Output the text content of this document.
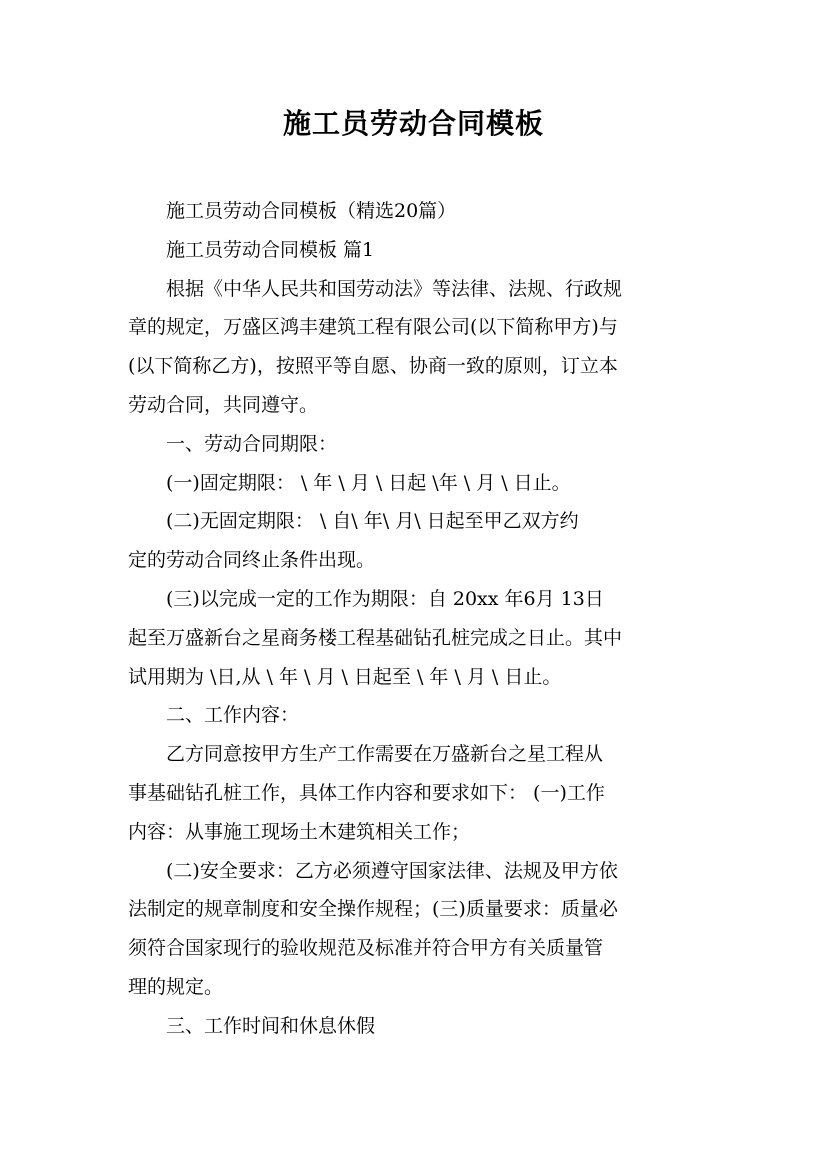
施工员劳动合同模板

施工员劳动合同模板（精选20篇）

施工员劳动合同模板 篇1

根据《中华人民共和国劳动法》等法律、法规、行政规
章的规定，万盛区鸿丰建筑工程有限公司(以下简称甲方)与
(以下简称乙方)，按照平等自愿、协商一致的原则，订立本
劳动合同，共同遵守。

一、劳动合同期限：

(一)固定期限： \ 年 \ 月 \ 日起 \年 \ 月 \ 日止。

(二)无固定期限： \ 自\ 年\ 月\ 日起至甲乙双方约
定的劳动合同终止条件出现。

(三)以完成一定的工作为期限：自 20xx 年6月 13日
起至万盛新台之星商务楼工程基础钻孔桩完成之日止。其中
试用期为 \日,从 \ 年 \ 月 \ 日起至 \ 年 \ 月 \ 日止。

二、工作内容：

乙方同意按甲方生产工作需要在万盛新台之星工程从
事基础钻孔桩工作，具体工作内容和要求如下： (一)工作
内容：从事施工现场土木建筑相关工作；

(二)安全要求：乙方必须遵守国家法律、法规及甲方依
法制定的规章制度和安全操作规程；(三)质量要求：质量必
须符合国家现行的验收规范及标准并符合甲方有关质量管
理的规定。

三、工作时间和休息休假
